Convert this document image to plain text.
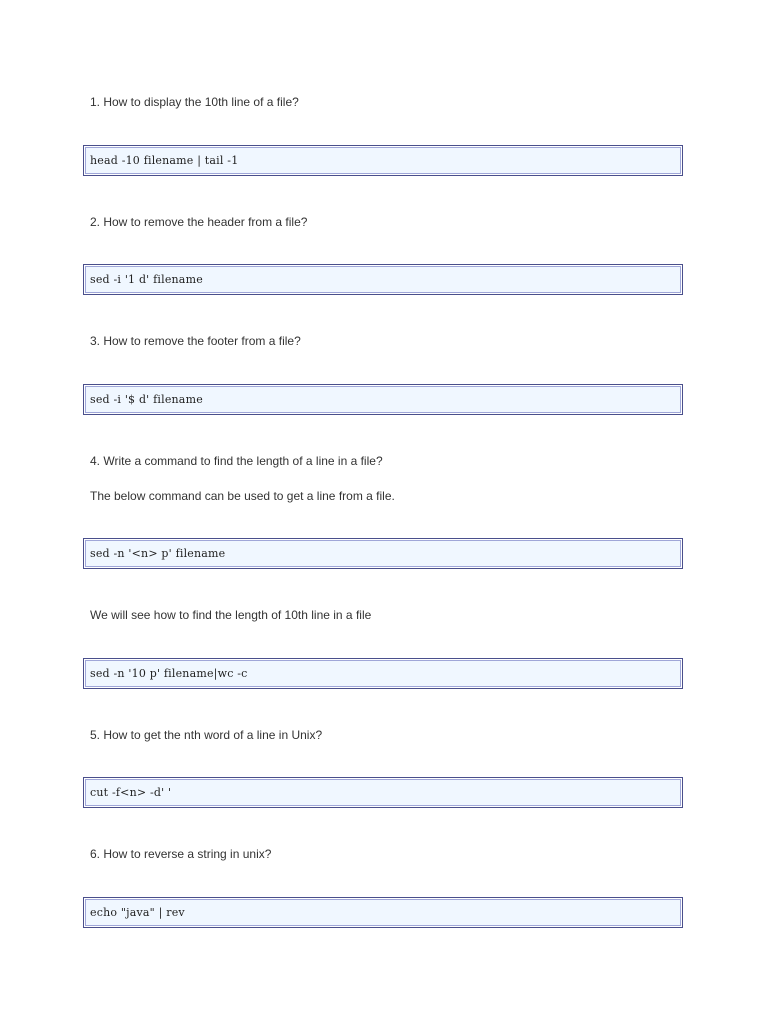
1. How to display the 10th line of a file?
head -10 filename | tail -1
2. How to remove the header from a file?
sed -i '1 d' filename
3. How to remove the footer from a file?
sed -i '$ d' filename
4. Write a command to find the length of a line in a file?
The below command can be used to get a line from a file.
sed -n '<n> p' filename
We will see how to find the length of 10th line in a file
sed -n '10 p' filename|wc -c
5. How to get the nth word of a line in Unix?
cut -f<n> -d' '
6. How to reverse a string in unix?
echo "java" | rev
